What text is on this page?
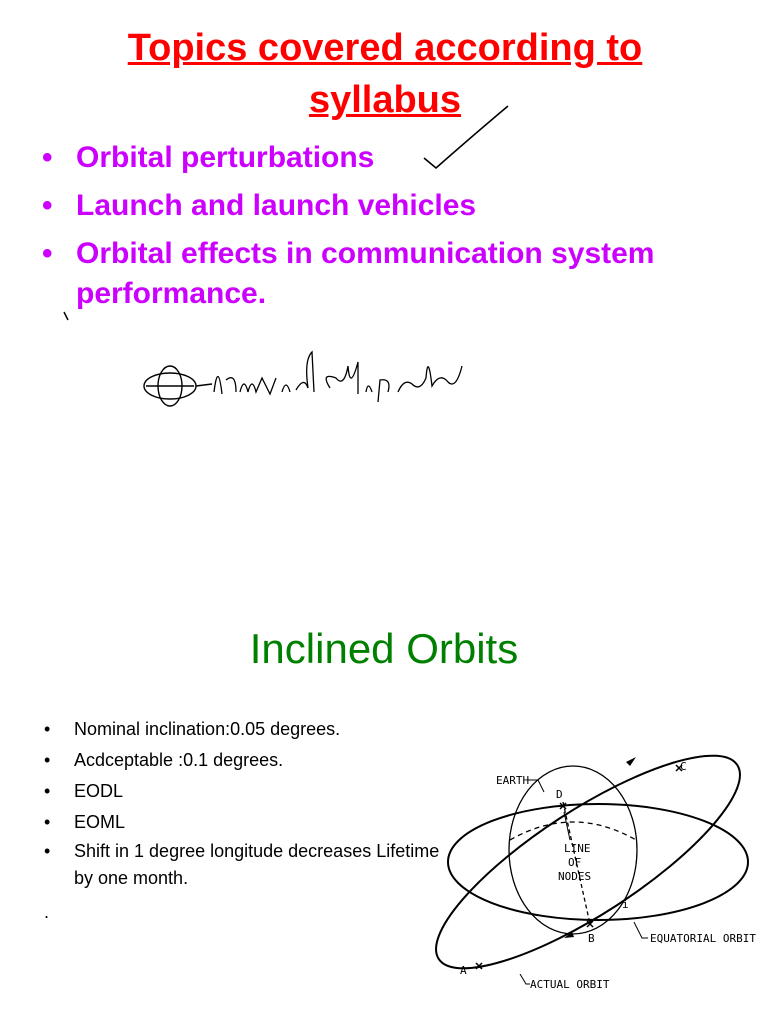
Topics covered according to syllabus
• Orbital perturbations
• Launch and launch vehicles
• Orbital effects in communication system performance.
Inclined Orbits
• Nominal inclination:0.05 degrees.
• Acdceptable :0.1 degrees.
• EODL
• EOML
• Shift in 1 degree longitude decreases Lifetime by one month.
.
EARTH
D
C
LINE
OF
NODES
i
B
A
EQUATORIAL ORBIT
ACTUAL ORBIT
